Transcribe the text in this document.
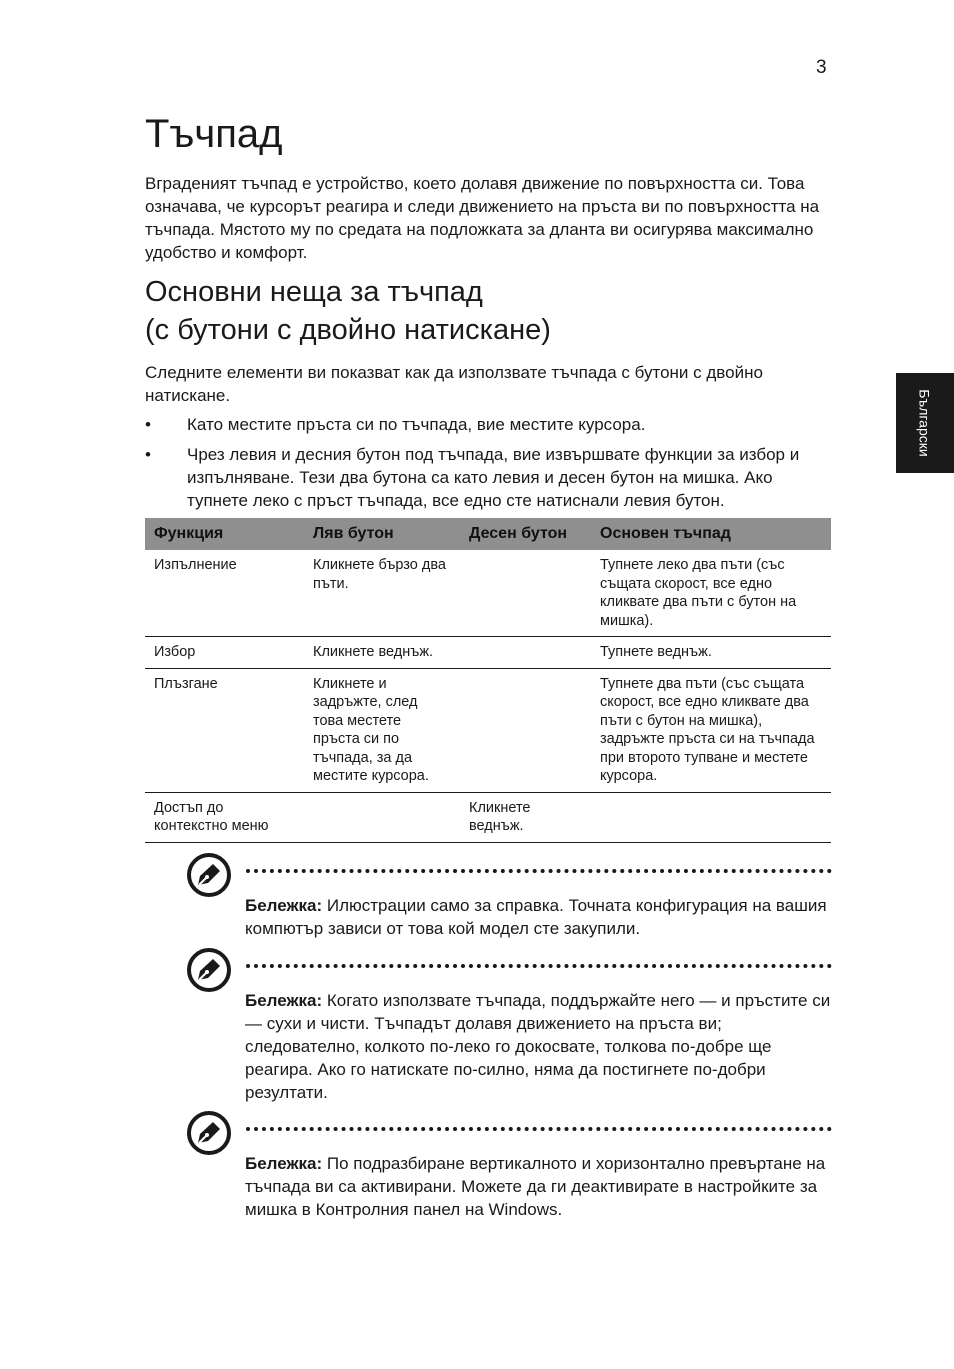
3
Български
Тъчпад

Вградeният тъчпад е устройство, което долавя движение по повърхността си. Това означава, че курсорът реагира и следи движението на пръста ви по повърхността на тъчпада. Мястото му по средата на подложката за дланта ви осигурява максимално удобство и комфорт.

Основни неща за тъчпад
(с бутони с двойно натискане)

Следните елементи ви показват как да използвате тъчпада с бутони с двойно натискане.

• Като местите пръста си по тъчпада, вие местите курсора.
• Чрез левия и десния бутон под тъчпада, вие извършвате функции за избор и изпълняване. Тези два бутона са като левия и десен бутон на мишка. Ако тупнете леко с пръст тъчпада, все едно сте натиснали левия бутон.
Функция	Ляв бутон	Десен бутон	Основен тъчпад
Изпълнение	Кликнете бързо два пъти.		Тупнете леко два пъти (със същата скорост, все едно кликвате два пъти с бутон на мишка).
Избор	Кликнете веднъж.		Тупнете веднъж.
Плъзгане	Кликнете и задръжте, след това местете пръста си по тъчпада, за да местите курсора.		Тупнете два пъти (със същата скорост, все едно кликвате два пъти с бутон на мишка), задръжте пръста си на тъчпада при второто тупване и местете курсора.
Достъп до контекстно меню		Кликнете веднъж.	

Бележка: Илюстрации само за справка. Точната конфигурация на вашия компютър зависи от това кой модел сте закупили.

Бележка: Когато използвате тъчпада, поддържайте него — и пръстите си — сухи и чисти. Тъчпадът долавя движението на пръста ви; следователно, колкото по-леко го докосвате, толкова по-добре ще реагира. Ако го натискате по-силно, няма да постигнете по-добри резултати.

Бележка: По подразбиране вертикалното и хоризонтално превъртане на тъчпада ви са активирани. Можете да ги деактивирате в настройките за мишка в Контролния панел на Windows.
